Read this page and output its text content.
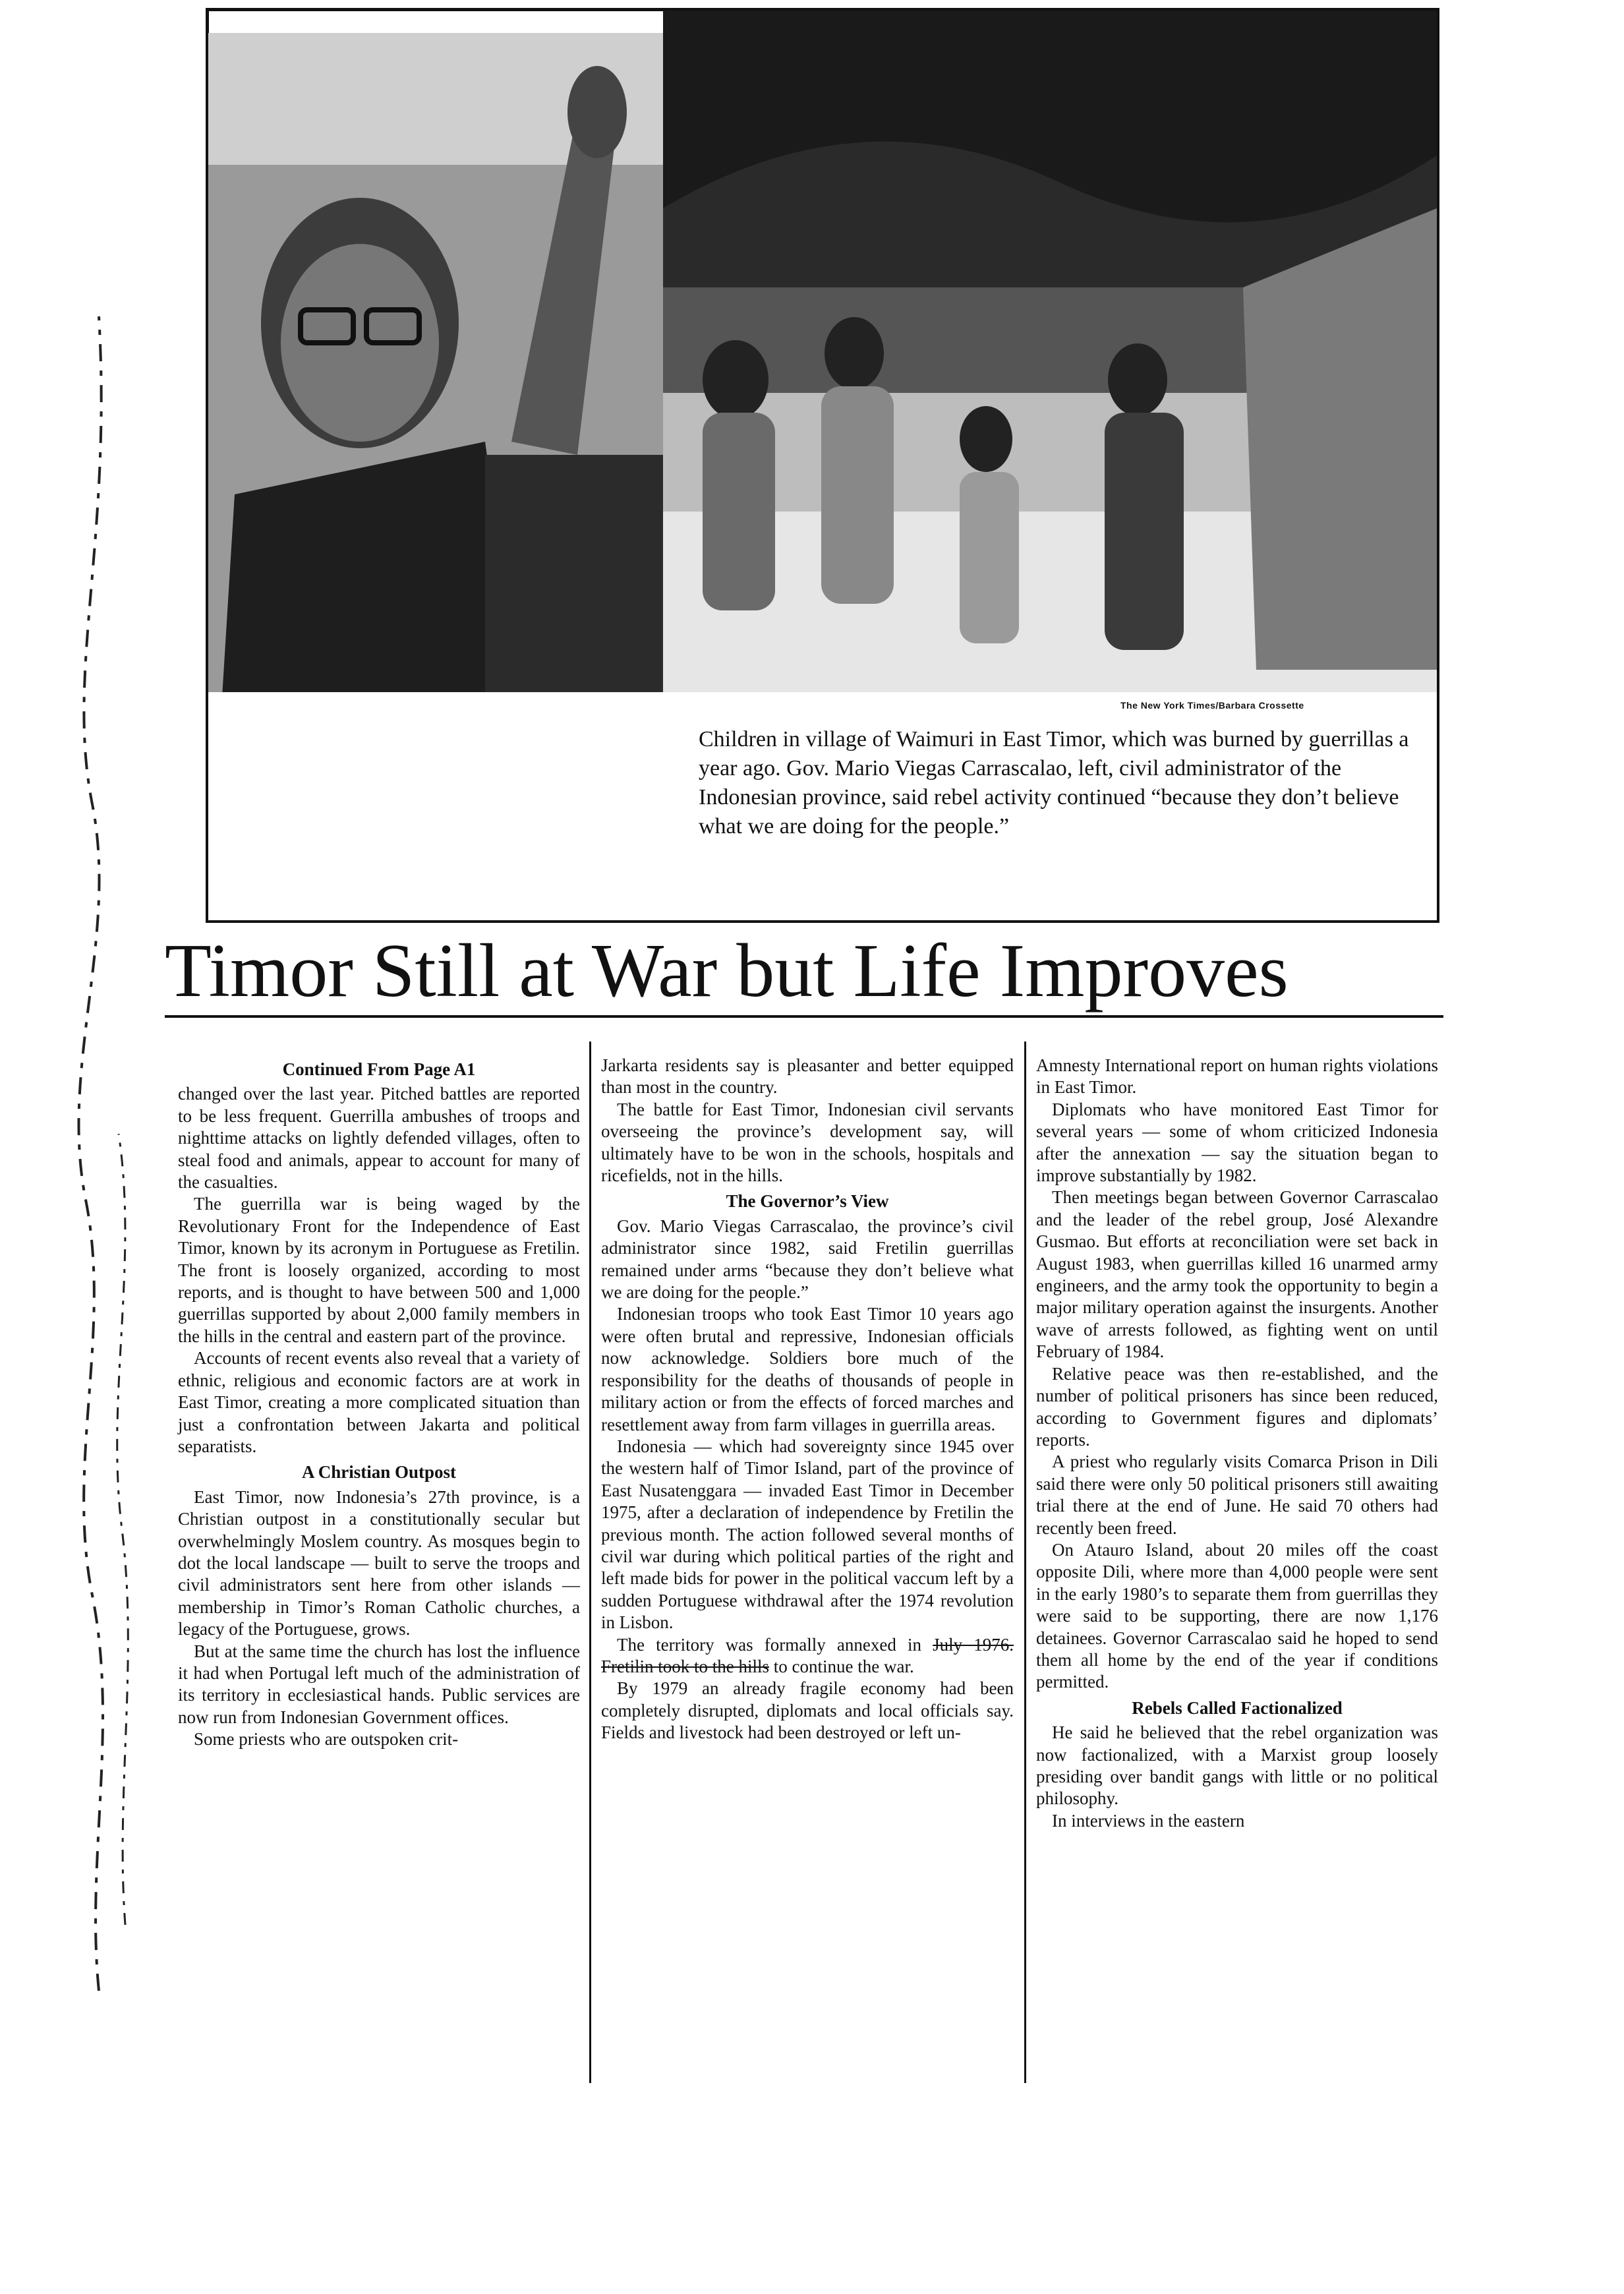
The New York Times/Barbara Crossette
Children in village of Waimuri in East Timor, which was burned by guerrillas a year ago. Gov. Mario Viegas Carrascalao, left, civil administrator of the Indonesian province, said rebel activity continued “because they don’t believe what we are doing for the people.”
Timor Still at War but Life Improves
Continued From Page A1

changed over the last year. Pitched battles are reported to be less frequent. Guerrilla ambushes of troops and nighttime attacks on lightly defended villages, often to steal food and animals, appear to account for many of the casualties.

The guerrilla war is being waged by the Revolutionary Front for the Independence of East Timor, known by its acronym in Portuguese as Fretilin. The front is loosely organized, according to most reports, and is thought to have between 500 and 1,000 guerrillas supported by about 2,000 family members in the hills in the central and eastern part of the province.

Accounts of recent events also reveal that a variety of ethnic, religious and economic factors are at work in East Timor, creating a more complicated situation than just a confrontation between Jakarta and political separatists.

A Christian Outpost

East Timor, now Indonesia’s 27th province, is a Christian outpost in a constitutionally secular but overwhelmingly Moslem country. As mosques begin to dot the local landscape — built to serve the troops and civil administrators sent here from other islands — membership in Timor’s Roman Catholic churches, a legacy of the Portuguese, grows.

But at the same time the church has lost the influence it had when Portugal left much of the administration of its territory in ecclesiastical hands. Public services are now run from Indonesian Government offices.

Some priests who are outspoken crit-

Jarkarta residents say is pleasanter and better equipped than most in the country.

The battle for East Timor, Indonesian civil servants overseeing the province’s development say, will ultimately have to be won in the schools, hospitals and ricefields, not in the hills.

The Governor’s View

Gov. Mario Viegas Carrascalao, the province’s civil administrator since 1982, said Fretilin guerrillas remained under arms “because they don’t believe what we are doing for the people.”

Indonesian troops who took East Timor 10 years ago were often brutal and repressive, Indonesian officials now acknowledge. Soldiers bore much of the responsibility for the deaths of thousands of people in military action or from the effects of forced marches and resettlement away from farm villages in guerrilla areas.

Indonesia — which had sovereignty since 1945 over the western half of Timor Island, part of the province of East Nusatenggara — invaded East Timor in December 1975, after a declaration of independence by Fretilin the previous month. The action followed several months of civil war during which political parties of the right and left made bids for power in the political vaccum left by a sudden Portuguese withdrawal after the 1974 revolution in Lisbon.

The territory was formally annexed in July 1976. Fretilin took to the hills to continue the war.

By 1979 an already fragile economy had been completely disrupted, diplomats and local officials say. Fields and livestock had been destroyed or left un-

Amnesty International report on human rights violations in East Timor.

Diplomats who have monitored East Timor for several years — some of whom criticized Indonesia after the annexation — say the situation began to improve substantially by 1982.

Then meetings began between Governor Carrascalao and the leader of the rebel group, José Alexandre Gusmao. But efforts at reconciliation were set back in August 1983, when guerrillas killed 16 unarmed army engineers, and the army took the opportunity to begin a major military operation against the insurgents. Another wave of arrests followed, as fighting went on until February of 1984.

Relative peace was then re-established, and the number of political prisoners has since been reduced, according to Government figures and diplomats’ reports.

A priest who regularly visits Comarca Prison in Dili said there were only 50 political prisoners still awaiting trial there at the end of June. He said 70 others had recently been freed.

On Atauro Island, about 20 miles off the coast opposite Dili, where more than 4,000 people were sent in the early 1980’s to separate them from guerrillas they were said to be supporting, there are now 1,176 detainees. Governor Carrascalao said he hoped to send them all home by the end of the year if conditions permitted.

Rebels Called Factionalized

He said he believed that the rebel organization was now factionalized, with a Marxist group loosely presiding over bandit gangs with little or no political philosophy.

In interviews in the eastern
